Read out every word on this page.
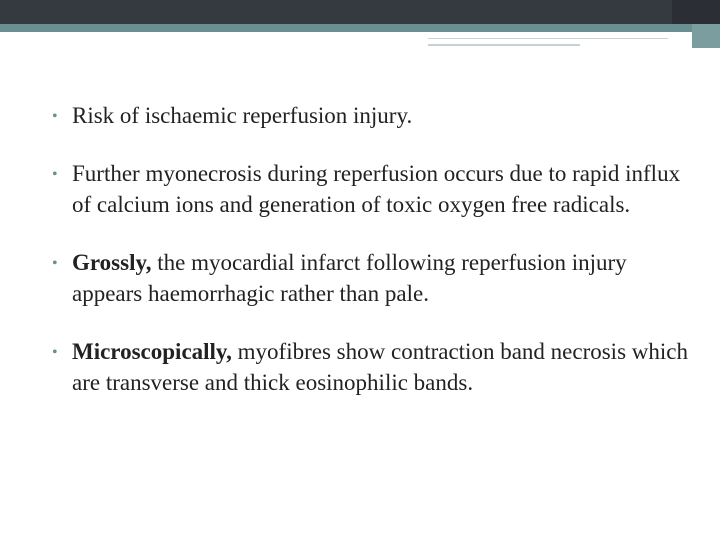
• Risk of ischaemic reperfusion injury.
• Further myonecrosis during reperfusion occurs due to rapid influx of calcium ions and generation of toxic oxygen free radicals.
• Grossly, the myocardial infarct following reperfusion injury appears haemorrhagic rather than pale.
• Microscopically, myofibres show contraction band necrosis which are transverse and thick eosinophilic bands.
